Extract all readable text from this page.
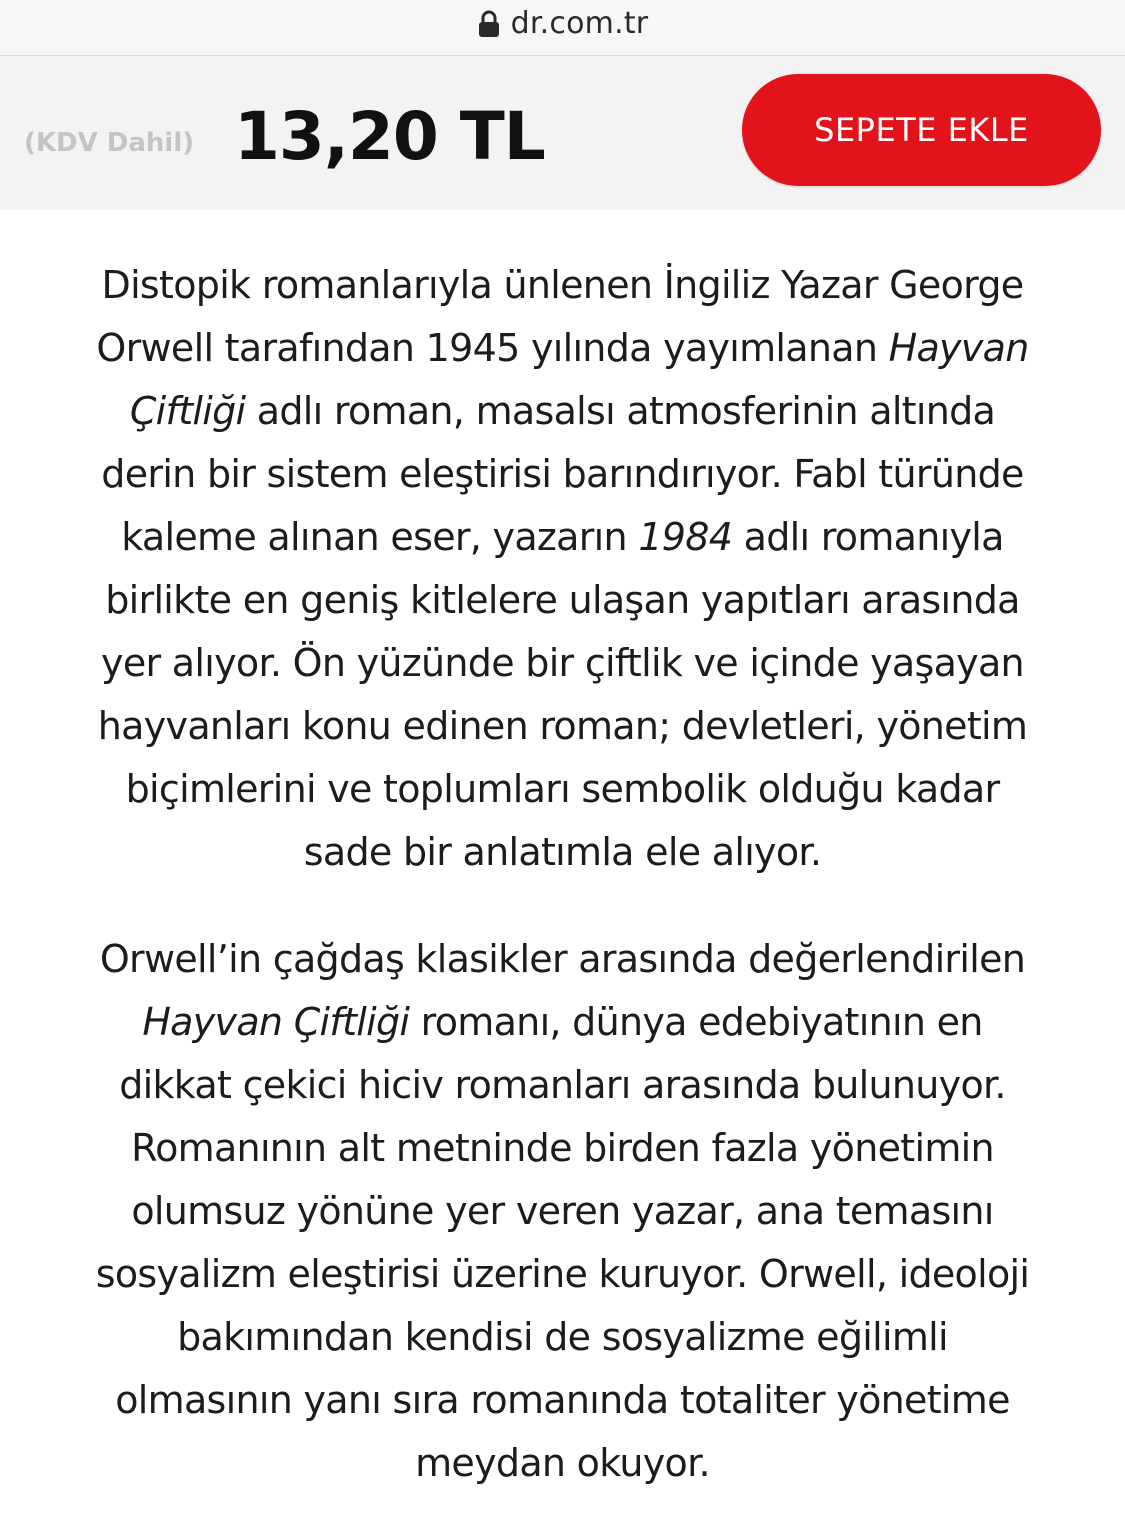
dr.com.tr
(KDV Dahil) 13,20 TL	SEPETE EKLE

Distopik romanlarıyla ünlenen İngiliz Yazar George
Orwell tarafından 1945 yılında yayımlanan Hayvan
Çiftliği adlı roman, masalsı atmosferinin altında
derin bir sistem eleştirisi barındırıyor. Fabl türünde
kaleme alınan eser, yazarın 1984 adlı romanıyla
birlikte en geniş kitlelere ulaşan yapıtları arasında
yer alıyor. Ön yüzünde bir çiftlik ve içinde yaşayan
hayvanları konu edinen roman; devletleri, yönetim
biçimlerini ve toplumları sembolik olduğu kadar
sade bir anlatımla ele alıyor.

Orwell’in çağdaş klasikler arasında değerlendirilen
Hayvan Çiftliği romanı, dünya edebiyatının en
dikkat çekici hiciv romanları arasında bulunuyor.
Romanının alt metninde birden fazla yönetimin
olumsuz yönüne yer veren yazar, ana temasını
sosyalizm eleştirisi üzerine kuruyor. Orwell, ideoloji
bakımından kendisi de sosyalizme eğilimli
olmasının yanı sıra romanında totaliter yönetime
meydan okuyor.
